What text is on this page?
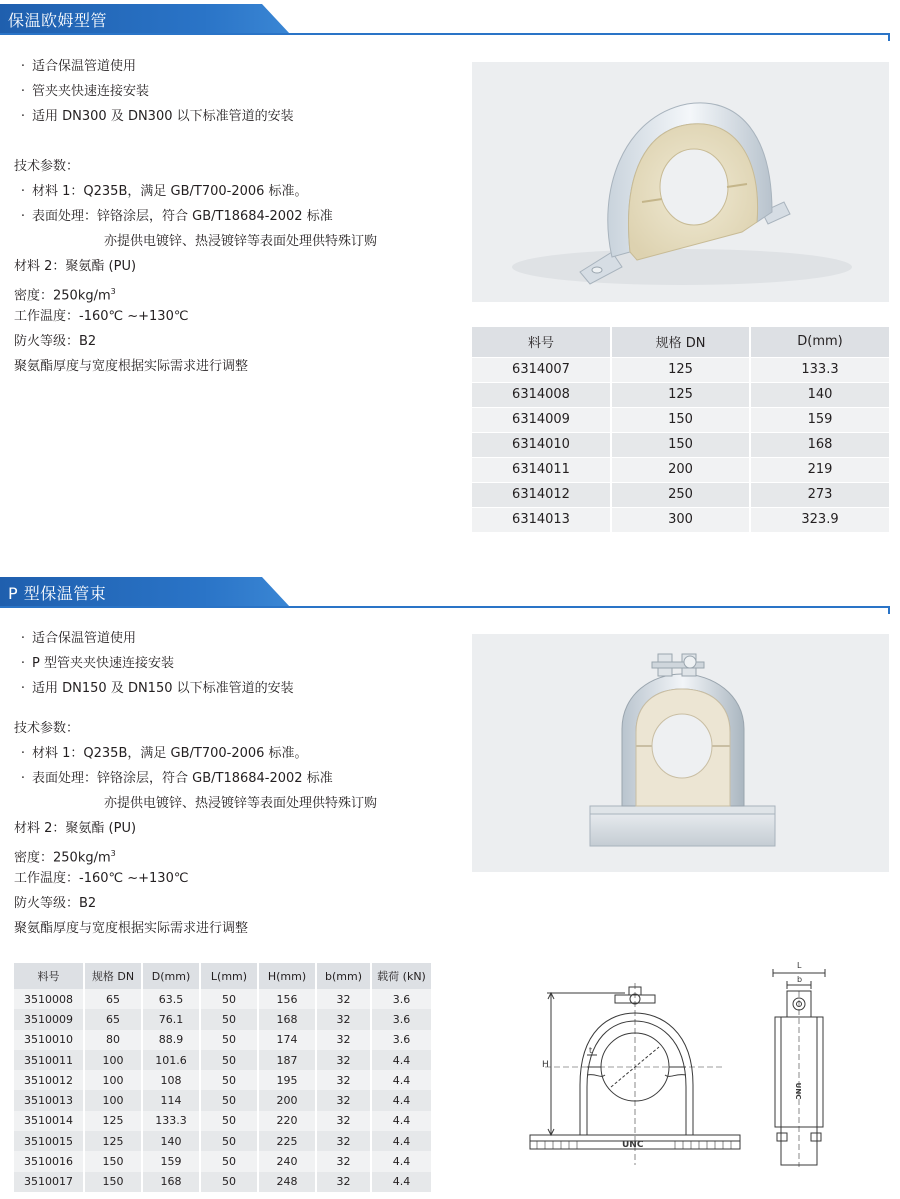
保温欧姆型管
· 适合保温管道使用
· 管夹夹快速连接安装
· 适用 DN300 及 DN300 以下标准管道的安装
技术参数：
· 材料 1：Q235B，满足 GB/T700-2006 标准。
· 表面处理：锌铬涂层，符合 GB/T18684-2002 标准
亦提供电镀锌、热浸镀锌等表面处理供特殊订购
材料 2：聚氨酯 (PU)
密度：$250kg/m^3$
工作温度：-160℃ ~+130℃
防火等级：B2
聚氨酯厚度与宽度根据实际需求进行调整
料号	规格 DN	D(mm)
6314007	125	133.3
6314008	125	140
6314009	150	159
6314010	150	168
6314011	200	219
6314012	250	273
6314013	300	323.9
P 型保温管束
· 适合保温管道使用
· P 型管夹夹快速连接安装
· 适用 DN150 及 DN150 以下标准管道的安装
技术参数：
· 材料 1：Q235B，满足 GB/T700-2006 标准。
· 表面处理：锌铬涂层，符合 GB/T18684-2002 标准
亦提供电镀锌、热浸镀锌等表面处理供特殊订购
材料 2：聚氨酯 (PU)
密度：$250kg/m^3$
工作温度：-160℃ ~+130℃
防火等级：B2
聚氨酯厚度与宽度根据实际需求进行调整
料号	规格 DN	D(mm)	L(mm)	H(mm)	b(mm)	载荷 (kN)
3510008	65	63.5	50	156	32	3.6
3510009	65	76.1	50	168	32	3.6
3510010	80	88.9	50	174	32	3.6
3510011	100	101.6	50	187	32	4.4
3510012	100	108	50	195	32	4.4
3510013	100	114	50	200	32	4.4
3510014	125	133.3	50	220	32	4.4
3510015	125	140	50	225	32	4.4
3510016	150	159	50	240	32	4.4
3510017	150	168	50	248	32	4.4
H
t
UNC
L
b
UNC
